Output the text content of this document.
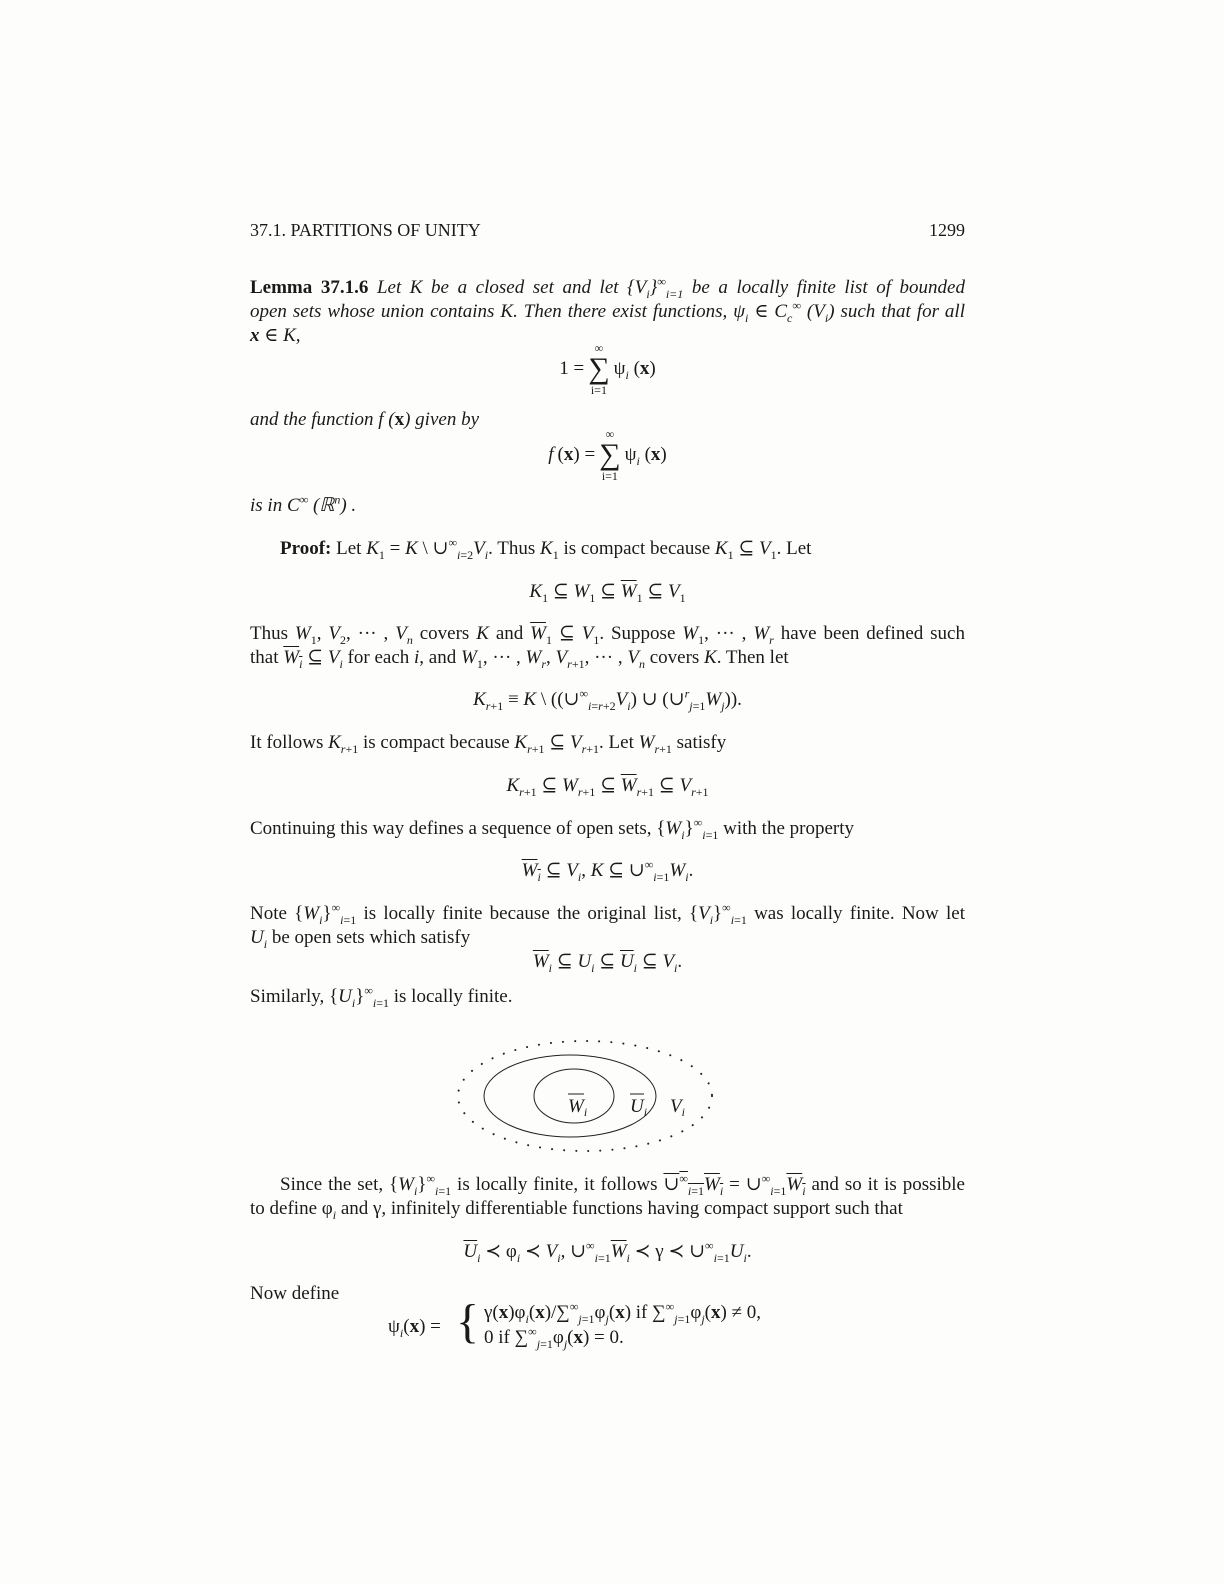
37.1. PARTITIONS OF UNITY	1299
Lemma 37.1.6 Let K be a closed set and let $\{V_i\}^\infty_{i=1}$ be a locally finite list of bounded
open sets whose union contains K. Then there exist functions, $\psi_i$ ∈ $C_c^\infty$ $(V_i)$ such that for all
x ∈ K,
1 =
∞
∑
i=1
$\psi_i$ (x)
and the function f (x) given by
f (x) =
∞
∑
i=1
$\psi_i$ (x)
is in C∞ (ℝ$^n$) .
Proof: Let $K_1 = K$ \ $\cup^\infty_{i=2}V_i$. Thus $K_1$ is compact because $K_1$ ⊆ $V_1$. Let
$K_1$ ⊆ $W_1$ ⊆ $\overline{W}_1$ ⊆ $V_1$
Thus $W_1$, $V_2$, ··· , $V_n$ covers K and $\overline{W}_1$ ⊆ $V_1$. Suppose $W_1$, ··· , $W_r$ have been defined such
that $W_i$ ⊆ $V_i$ for each i, and $W_1$, ··· , $W_r$, $V_{r+1}$, ··· , $V_n$ covers K. Then let
$K_{r+1} \equiv K$ \ ($(\cup^\infty_{i=r+2}V_i)$ ∪ $(\cup^r_{j=1}W_j)$).
It follows $K_{r+1}$ is compact because $K_{r+1}$ ⊆ $V_{r+1}$. Let $W_{r+1}$ satisfy
$K_{r+1}$ ⊆ $W_{r+1}$ ⊆ $\overline{W}_{r+1}$ ⊆ $V_{r+1}$
Continuing this way defines a sequence of open sets, $\{W_i\}^\infty_{i=1}$ with the property
$W_i$ ⊆ $V_i$, K ⊆ $\cup^\infty_{i=1}W_i$.
Note $\{W_i\}^\infty_{i=1}$ is locally finite because the original list, $\{V_i\}^\infty_{i=1}$ was locally finite. Now let
$U_i$ be open sets which satisfy
$\overline{W}_i$ ⊆ $U_i$ ⊆ $\overline{U}_i$ ⊆ $V_i$.
Similarly, $\{U_i\}^\infty_{i=1}$ is locally finite.
$W_i$ $U_i$ $V_i$
Since the set, $\{W_i\}^\infty_{i=1}$ is locally finite, it follows $\cup^\infty_{i=1}W_i$ = $\cup^\infty_{i=1}W_i$ and so it is possible
to define $\varphi_i$ and γ, infinitely differentiable functions having compact support such that
$\overline{U}_i$ ≺ $\varphi_i$ ≺ $V_i$, $\cup^\infty_{i=1}\overline{W}_i$ ≺ γ ≺ $\cup^\infty_{i=1}U_i$.
Now define
$\psi_i(x)$ = { $\gamma(x)\varphi_i(x)/\sum^\infty_{j=1}\varphi_j(x)$ if $\sum^\infty_{j=1}\varphi_j(x) \ne 0$,
0 if $\sum^\infty_{j=1}\varphi_j(x) = 0$.
